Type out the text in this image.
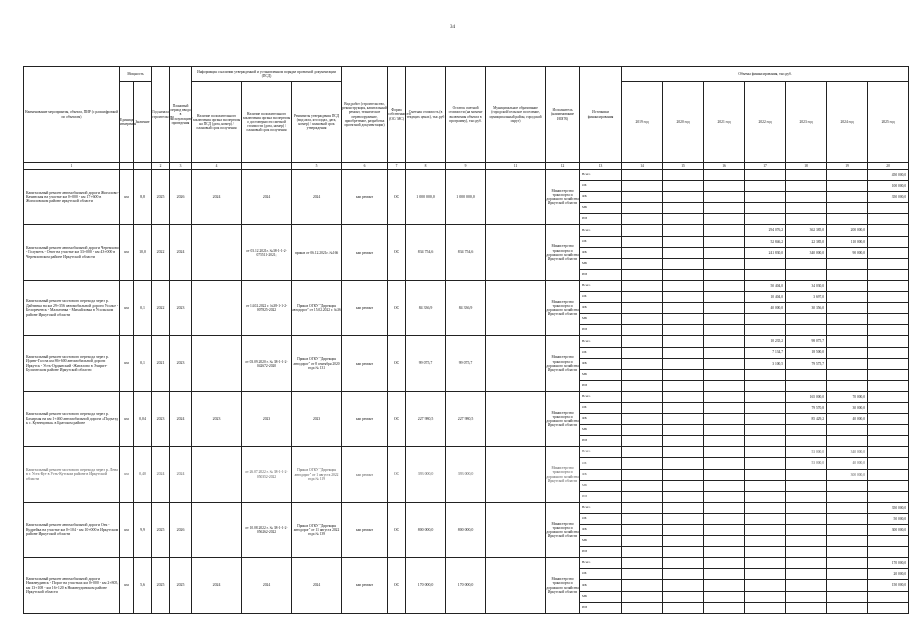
34
Наименование мероприятия, объекта, ПИР (с расшифровкой по объектам)	Мощность		Год начала строительства	Плановый период ввода в эксплуатацию/проведения	Информация о наличии утвержденной и установленном порядке проектной документации (ПСД)			Вид работ (строительство, реконструкция, капитальный ремонт, техническое перевооружение, приобретение, разработка проектной документации)	Форма собственности (ОС/ МС)	Сметная стоимость (в текущих ценах), тыс.руб	Остаток сметной стоимости (на момент включения объекта в программу), тыс.руб.	Муниципальное образование (городской/сельское поселение, муниципальный район, городской округ)	Исполнитель (наименование ИОГВ)	Источники финансирования	Объемы финансирования, тыс.руб.						
	Единица измерения	Значение			Наличие положительного заключения органа экспертизы на ПСД (дата, номер) / плановый срок получения	Наличие положительного заключения органа экспертизы о достоверности сметной стоимости (дата, номер) / плановый срок получения	Реквизиты утверждения ПСД (вид акта, кто издал, дата, номер) / плановый срок утверждения								2019 год	2020 год	2021 год	2022 год	2023 год	2024 год	2025 год
1			2	3	4		5	6	7	8	9	11	12	13	14	15	16	17	18	19	20
Капитальный ремонт автомобильной дороги Жигалово-Качинская на участке км 0+000 - км 17+600 в Жигаловском районе иркутской области	км	8,8	2025	2026	2024	2024	2024	кап ремонт	ОС	1 000 000,0	1 000 000,0		Министерство транспорта и дорожного хозяйства Иркутской области	Всего							450 000,0
														ОБ							100 000,0
														ФБ							350 000,0
														МБ							
														ИИ							
Капитальный ремонт автомобильной дороги Черемхово - Голуметь - Онот на участке км 33+000 - км 43+000 в Черемховском районе Иркутской области	км	10,0	2022	2024		от 03.12.2021г. №38-1-1-2-075511-2021;	приказ от 06.12.2021г. №166	кап ремонт	ОС	834 754,6	834 754,6		Министерство транспорта и дорожного хозяйства Иркутской области	Всего				294 076,2	362 385,0	200 000,0	
														ОБ				52 846,2	22 385,0	110 000,0	
														ФБ				241 830,0	340 000,0	90 000,0	
														МБ							
														ИИ							
Капитальный ремонт мостового перехода через р. Дайтинка на км 29+356 автомобильной дороги Усолье - Белореченск - Мальтинка - Михайловка в Усольском районе Иркутской области	км	0,1	2022	2023		от 14.02.2022 г. №38-1-1-2-007825-2022	Приказ ОГКУ "Дирекция автодорог" от 15.02.2022 г. №36	кап ремонт	ОС	84 336,9	84 336,9		Министерство транспорта и дорожного хозяйства Иркутской области	Всего				50 404,0	34 030,0		
														ОБ				10 404,0	3 697,0		
														ФБ				40 000,0	30 356,0		
														МБ							
														ИИ							
Капитальный ремонт мостового перехода через р. Идинг-Гол на км 86+600 автомобильной дороги Иркутск - Усть-Ордынский -Жигалово в Эхирит-Булагатском районе Иркутской области	км	0,1	2021	2023		от 03.09.2020 г. № 38-1-1-2-042672-2020	Приказ ОГКУ "Дирекция автодорог" от 8 сентября 2020 года № 131	кап ремонт	ОС	99 075,7	99 075,7		Министерство транспорта и дорожного хозяйства Иркутской области	Всего				10 235,2	98 075,7		
														ОБ				7 134,7	18 500,0		
														ФБ				3 100,5	79 575,7		
														МБ							
														ИИ							
Капитальный ремонт мостового перехода через р. Бахирхая на км 1+460 автомобильной дороги «Подъезд к с. Кузнецовка» в Братском районе	км	0,04	2023	2024	2023	2023	2023	кап ремонт	ОС	227 980,5	227 980,5		Министерство транспорта и дорожного хозяйства Иркутской области	Всего					165 000,0	70 000,0	
														ОБ					79 570,8	30 000,0	
														ФБ					85 429,2	40 000,0	
														МБ							
														ИИ							
Капитальный ремонт мостового перехода через р. Лена в г. Усть-Кут в Усть-Кутском районе в Иркутской области	км	0,40	2024	2024		от 26.07.2022 г. № 38-1-1-2-050352-2022	Приказ ОГКУ "Дирекция автодорог" от 1 августа 2022 года № 119	кап ремонт	ОС	393 000,0	393 000,0		Министерство транспорта и дорожного хозяйства Иркутской области	Всего					53 000,0	340 000,0	
														ОБ					53 000,0	40 000,0	
														ФБ						300 000,0	
														МБ							
														ИИ							
Капитальный ремонт автомобильной дороги Оек - Кудрейка на участке км 0+104 - км 10+000 в Иркутском районе Иркутской области	км	9,9	2025	2026		от 10.08.2022 г. № 38-1-1-2-056262-2022	Приказ ОГКУ "Дирекция автодорог" от 11 августа 2022 года № 139	кап ремонт	ОС	800 000,0	800 000,0		Министерство транспорта и дорожного хозяйства Иркутской области	Всего							350 000,0
														ОБ							50 000,0
														ФБ							300 000,0
														МБ							
														ИИ							
Капитальный ремонт автомобильной дороги Нижнеудинск - Порог на участках км 0+000 - км 2+805, км 13+108 - км 16+120 в Нижнеудинском районе Иркутской области	км	5,6	2025	2025	2024	2024	2024	кап ремонт	ОС	170 000,0	170 000,0		Министерство транспорта и дорожного хозяйства Иркутской области	Всего							170 000,0
														ОБ							20 000,0
														ФБ							150 000,0
														МБ							
														ИИ							
